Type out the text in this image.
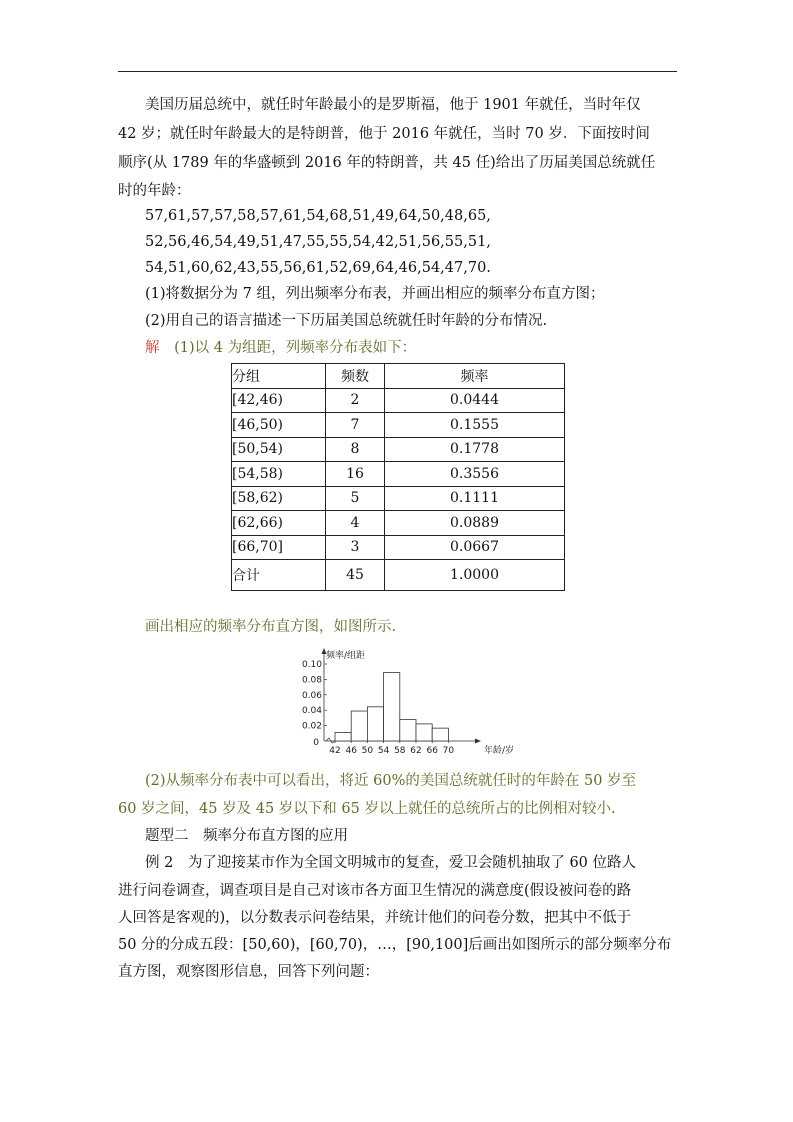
美国历届总统中，就任时年龄最小的是罗斯福，他于 1901 年就任，当时年仅
42 岁；就任时年龄最大的是特朗普，他于 2016 年就任，当时 70 岁．下面按时间
顺序(从 1789 年的华盛顿到 2016 年的特朗普，共 45 任)给出了历届美国总统就任
时的年龄：
57,61,57,57,58,57,61,54,68,51,49,64,50,48,65,
52,56,46,54,49,51,47,55,55,54,42,51,56,55,51,
54,51,60,62,43,55,56,61,52,69,64,46,54,47,70.
(1)将数据分为 7 组，列出频率分布表，并画出相应的频率分布直方图；
(2)用自己的语言描述一下历届美国总统就任时年龄的分布情况.
解 (1)以 4 为组距，列频率分布表如下：
分组	频数	频率
[42,46)	2	0.0444
[46,50)	7	0.1555
[50,54)	8	0.1778
[54,58)	16	0.3556
[58,62)	5	0.1111
[62,66)	4	0.0889
[66,70]	3	0.0667
合计	45	1.0000
画出相应的频率分布直方图，如图所示.
0.02
0.04
0.06
0.08
0.10
0
频率/组距
42 46 50 54 58 62 66 70	年龄/岁
(2)从频率分布表中可以看出，将近 60%的美国总统就任时的年龄在 50 岁至
60 岁之间，45 岁及 45 岁以下和 65 岁以上就任的总统所占的比例相对较小.
题型二　频率分布直方图的应用
例 2　为了迎接某市作为全国文明城市的复查，爱卫会随机抽取了 60 位路人
进行问卷调查，调查项目是自己对该市各方面卫生情况的满意度(假设被问卷的路
人回答是客观的)，以分数表示问卷结果，并统计他们的问卷分数，把其中不低于
50 分的分成五段：[50,60)，[60,70)，…，[90,100]后画出如图所示的部分频率分布
直方图，观察图形信息，回答下列问题：
